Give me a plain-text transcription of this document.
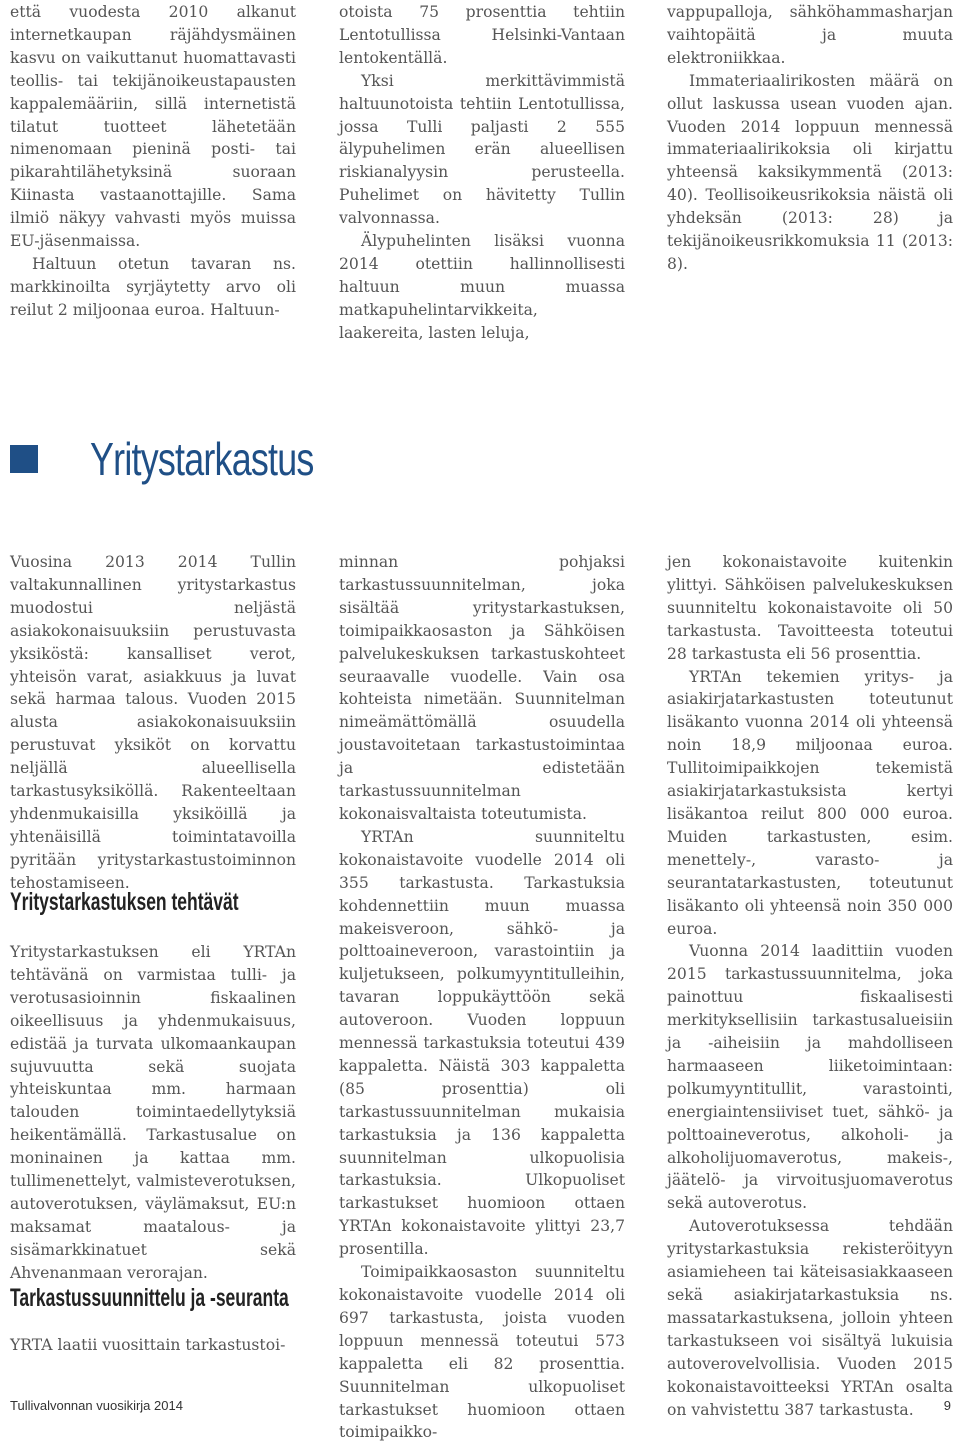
että vuodesta 2010 alkanut internetkaupan räjähdysmäinen kasvu on vaikuttanut huomattavasti teollis- tai tekijänoikeustapausten kappalemääriin, sillä internetistä tilatut tuotteet lähetetään nimenomaan pieninä posti- tai pikarahtilähetyksinä suoraan Kiinasta vastaanottajille. Sama ilmiö näkyy vahvasti myös muissa EU-jäsenmaissa.

Haltuun otetun tavaran ns. markkinoilta syrjäytetty arvo oli reilut 2 miljoonaa euroa. Haltuun-

otoista 75 prosenttia tehtiin Lentotullissa Helsinki-Vantaan lentokentällä.

Yksi merkittävimmistä haltuunotoista tehtiin Lentotullissa, jossa Tulli paljasti 2 555 älypuhelimen erän alueellisen riskianalyysin perusteella. Puhelimet on hävitetty Tullin valvonnassa.

Älypuhelinten lisäksi vuonna 2014 otettiin hallinnollisesti haltuun muun muassa matkapuhelintarvikkeita, laakereita, lasten leluja,

vappupalloja, sähköhammasharjan vaihtopäitä ja muuta elektroniikkaa.

Immateriaalirikosten määrä on ollut laskussa usean vuoden ajan. Vuoden 2014 loppuun mennessä immateriaalirikoksia oli kirjattu yhteensä kaksikymmentä (2013: 40). Teollisoikeusrikoksia näistä oli yhdeksän (2013: 28) ja tekijänoikeusrikkomuksia 11 (2013: 8).

Yritystarkastus

Vuosina 2013 2014 Tullin valtakunnallinen yritystarkastus muodostui neljästä asiakokonaisuuksiin perustuvasta yksiköstä: kansalliset verot, yhteisön varat, asiakkuus ja luvat sekä harmaa talous. Vuoden 2015 alusta asiakokonaisuuksiin perustuvat yksiköt on korvattu neljällä alueellisella tarkastusyksiköllä. Rakenteeltaan yhdenmukaisilla yksiköillä ja yhtenäisillä toimintatavoilla pyritään yritystarkastustoiminnon tehostamiseen.

Yritystarkastuksen tehtävät

Yritystarkastuksen eli YRTAn tehtävänä on varmistaa tulli- ja verotusasioinnin fiskaalinen oikeellisuus ja yhdenmukaisuus, edistää ja turvata ulkomaankaupan sujuvuutta sekä suojata yhteiskuntaa mm. harmaan talouden toimintaedellytyksiä heikentämällä. Tarkastusalue on moninainen ja kattaa mm. tullimenettelyt, valmisteverotuksen, autoverotuksen, väylämaksut, EU:n maksamat maatalous- ja sisämarkkinatuet sekä Ahvenanmaan verorajan.

Tarkastussuunnittelu ja -seuranta

YRTA laatii vuosittain tarkastustoi-

minnan pohjaksi tarkastussuunnitelman, joka sisältää yritystarkastuksen, toimipaikkaosaston ja Sähköisen palvelukeskuksen tarkastuskohteet seuraavalle vuodelle. Vain osa kohteista nimetään. Suunnitelman nimeämättömällä osuudella joustavoitetaan tarkastustoimintaa ja edistetään tarkastussuunnitelman kokonaisvaltaista toteutumista.

YRTAn suunniteltu kokonaistavoite vuodelle 2014 oli 355 tarkastusta. Tarkastuksia kohdennettiin muun muassa makeisveroon, sähkö- ja polttoaineveroon, varastointiin ja kuljetukseen, polkumyyntitulleihin, tavaran loppukäyttöön sekä autoveroon. Vuoden loppuun mennessä tarkastuksia toteutui 439 kappaletta. Näistä 303 kappaletta (85 prosenttia) oli tarkastussuunnitelman mukaisia tarkastuksia ja 136 kappaletta suunnitelman ulkopuolisia tarkastuksia. Ulkopuoliset tarkastukset huomioon ottaen YRTAn kokonaistavoite ylittyi 23,7 prosentilla.

Toimipaikkaosaston suunniteltu kokonaistavoite vuodelle 2014 oli 697 tarkastusta, joista vuoden loppuun mennessä toteutui 573 kappaletta eli 82 prosenttia. Suunnitelman ulkopuoliset tarkastukset huomioon ottaen toimipaikko-

jen kokonaistavoite kuitenkin ylittyi. Sähköisen palvelukeskuksen suunniteltu kokonaistavoite oli 50 tarkastusta. Tavoitteesta toteutui 28 tarkastusta eli 56 prosenttia.

YRTAn tekemien yritys- ja asiakirjatarkastusten toteutunut lisäkanto vuonna 2014 oli yhteensä noin 18,9 miljoonaa euroa. Tullitoimipaikkojen tekemistä asiakirjatarkastuksista kertyi lisäkantoa reilut 800 000 euroa. Muiden tarkastusten, esim. menettely-, varasto- ja seurantatarkastusten, toteutunut lisäkanto oli yhteensä noin 350 000 euroa.

Vuonna 2014 laadittiin vuoden 2015 tarkastussuunnitelma, joka painottuu fiskaalisesti merkityksellisiin tarkastusalueisiin ja -aiheisiin ja mahdolliseen harmaaseen liiketoimintaan: polkumyyntitullit, varastointi, energiaintensiiviset tuet, sähkö- ja polttoaineverotus, alkoholi- ja alkoholijuomaverotus, makeis-, jäätelö- ja virvoitusjuomaverotus sekä autoverotus.

Autoverotuksessa tehdään yritystarkastuksia rekisteröityyn asiamieheen tai käteisasiakkaaseen sekä asiakirjatarkastuksia ns. massatarkastuksena, jolloin yhteen tarkastukseen voi sisältyä lukuisia autoverovelvollisia. Vuoden 2015 kokonaistavoitteeksi YRTAn osalta on vahvistettu 387 tarkastusta.

Tullivalvonnan vuosikirja 2014	9
